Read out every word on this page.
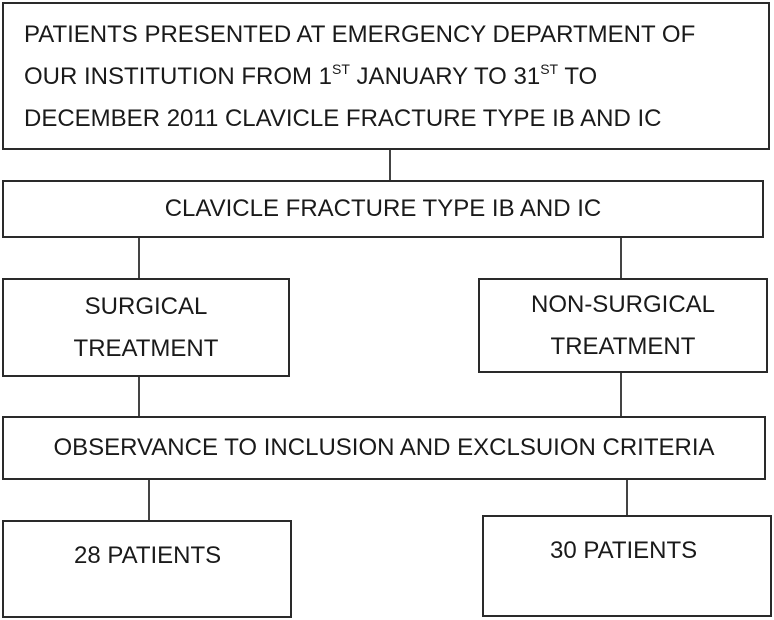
PATIENTS PRESENTED AT EMERGENCY DEPARTMENT OF
OUR INSTITUTION FROM 1ST JANUARY TO 31ST TO
DECEMBER 2011 CLAVICLE FRACTURE TYPE IB AND IC
CLAVICLE FRACTURE TYPE IB AND IC
SURGICAL
TREATMENT
NON-SURGICAL
TREATMENT
OBSERVANCE TO INCLUSION AND EXCLSUION CRITERIA
28 PATIENTS	30 PATIENTS
